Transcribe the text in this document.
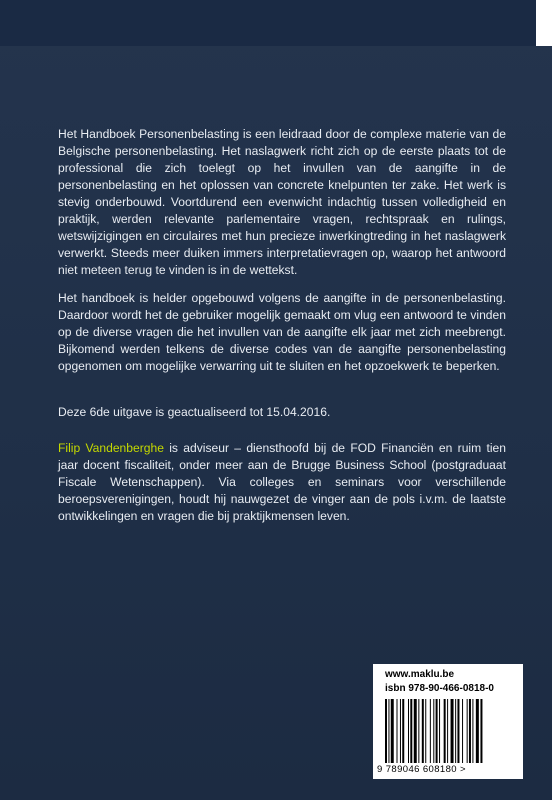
Het Handboek Personenbelasting is een leidraad door de complexe materie van de Belgische personenbelasting. Het naslagwerk richt zich op de eerste plaats tot de professional die zich toelegt op het invullen van de aangifte in de personenbelasting en het oplossen van concrete knelpunten ter zake. Het werk is stevig onderbouwd. Voortdurend een evenwicht indachtig tussen volledigheid en praktijk, werden relevante parlementaire vragen, rechtspraak en rulings, wetswijzigingen en circulaires met hun precieze inwerkingtreding in het naslagwerk verwerkt. Steeds meer duiken immers interpretatievragen op, waarop het antwoord niet meteen terug te vinden is in de wettekst.

Het handboek is helder opgebouwd volgens de aangifte in de personenbelasting. Daardoor wordt het de gebruiker mogelijk gemaakt om vlug een antwoord te vinden op de diverse vragen die het invullen van de aangifte elk jaar met zich meebrengt. Bijkomend werden telkens de diverse codes van de aangifte personenbelasting opgenomen om mogelijke verwarring uit te sluiten en het opzoekwerk te beperken.

Deze 6de uitgave is geactualiseerd tot 15.04.2016.

Filip Vandenberghe is adviseur – diensthoofd bij de FOD Financiën en ruim tien jaar docent fiscaliteit, onder meer aan de Brugge Business School (postgraduaat Fiscale Wetenschappen). Via colleges en seminars voor verschillende beroepsverenigingen, houdt hij nauwgezet de vinger aan de pols i.v.m. de laatste ontwikkelingen en vragen die bij praktijkmensen leven.

www.maklu.be
isbn 978-90-466-0818-0
9 789046 608180 >
